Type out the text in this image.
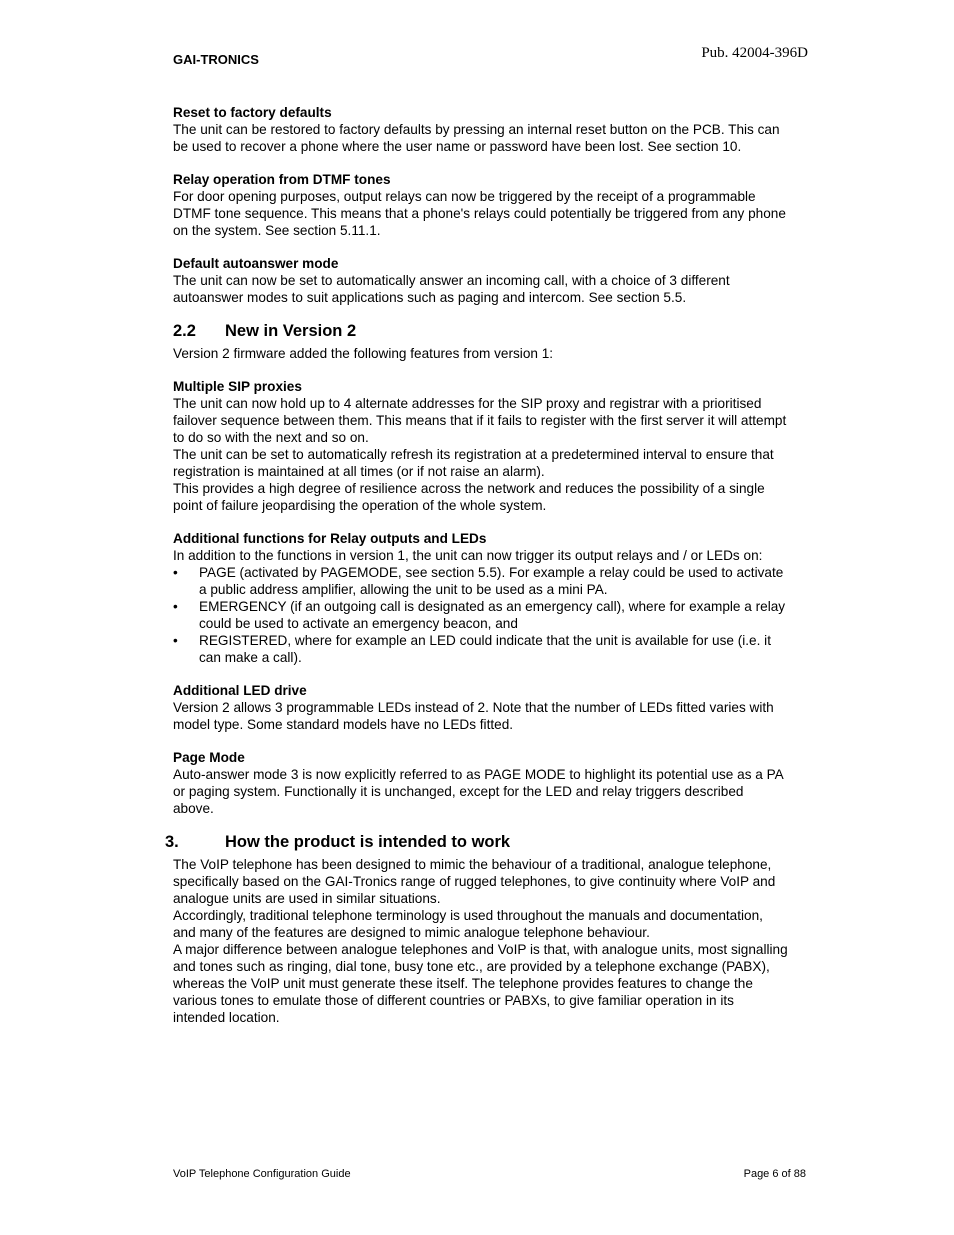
GAI-TRONICS	Pub. 42004-396D

Reset to factory defaults

The unit can be restored to factory defaults by pressing an internal reset button on the PCB. This can be used to recover a phone where the user name or password have been lost. See section 10.

Relay operation from DTMF tones

For door opening purposes, output relays can now be triggered by the receipt of a programmable DTMF tone sequence. This means that a phone's relays could potentially be triggered from any phone on the system. See section 5.11.1.

Default autoanswer mode

The unit can now be set to automatically answer an incoming call, with a choice of 3 different autoanswer modes to suit applications such as paging and intercom. See section 5.5.

2.2 New in Version 2

Version 2 firmware added the following features from version 1:

Multiple SIP proxies

The unit can now hold up to 4 alternate addresses for the SIP proxy and registrar with a prioritised failover sequence between them. This means that if it fails to register with the first server it will attempt to do so with the next and so on.

The unit can be set to automatically refresh its registration at a predetermined interval to ensure that registration is maintained at all times (or if not raise an alarm).

This provides a high degree of resilience across the network and reduces the possibility of a single point of failure jeopardising the operation of the whole system.

Additional functions for Relay outputs and LEDs

In addition to the functions in version 1, the unit can now trigger its output relays and / or LEDs on:

• PAGE (activated by PAGEMODE, see section 5.5). For example a relay could be used to activate a public address amplifier, allowing the unit to be used as a mini PA.
• EMERGENCY (if an outgoing call is designated as an emergency call), where for example a relay could be used to activate an emergency beacon, and
• REGISTERED, where for example an LED could indicate that the unit is available for use (i.e. it can make a call).

Additional LED drive

Version 2 allows 3 programmable LEDs instead of 2. Note that the number of LEDs fitted varies with model type. Some standard models have no LEDs fitted.

Page Mode

Auto-answer mode 3 is now explicitly referred to as PAGE MODE to highlight its potential use as a PA or paging system. Functionally it is unchanged, except for the LED and relay triggers described above.

3.	How the product is intended to work

The VoIP telephone has been designed to mimic the behaviour of a traditional, analogue telephone, specifically based on the GAI-Tronics range of rugged telephones, to give continuity where VoIP and analogue units are used in similar situations.

Accordingly, traditional telephone terminology is used throughout the manuals and documentation, and many of the features are designed to mimic analogue telephone behaviour.

A major difference between analogue telephones and VoIP is that, with analogue units, most signalling and tones such as ringing, dial tone, busy tone etc., are provided by a telephone exchange (PABX), whereas the VoIP unit must generate these itself. The telephone provides features to change the various tones to emulate those of different countries or PABXs, to give familiar operation in its intended location.

VoIP Telephone Configuration Guide	Page 6 of 88
